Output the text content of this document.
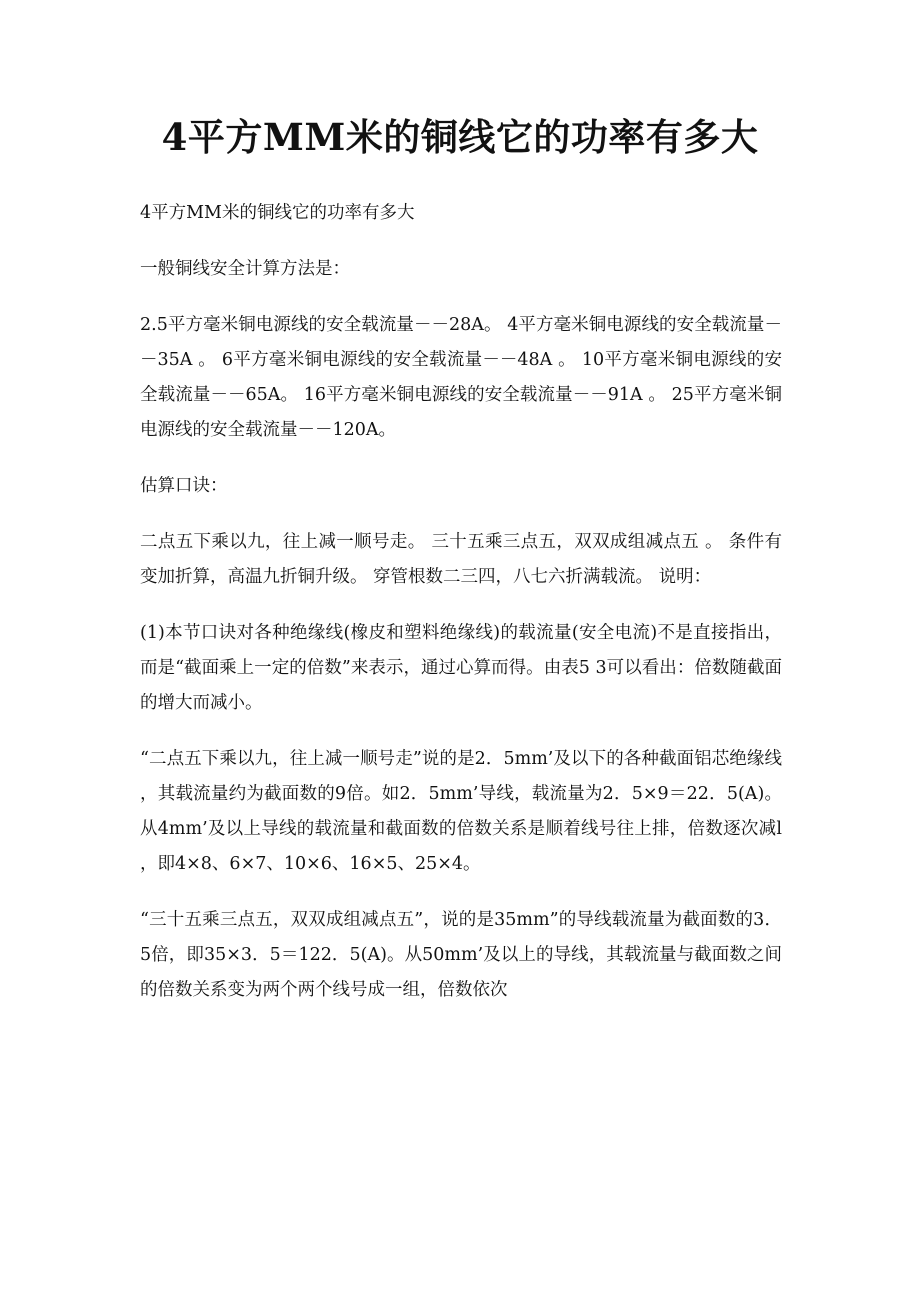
4平方MM米的铜线它的功率有多大

4平方MM米的铜线它的功率有多大

一般铜线安全计算方法是：

2.5平方毫米铜电源线的安全载流量－－28A。 4平方毫米铜电源线的安全载流量－－35A 。 6平方毫米铜电源线的安全载流量－－48A 。 10平方毫米铜电源线的安全载流量－－65A。 16平方毫米铜电源线的安全载流量－－91A 。 25平方毫米铜电源线的安全载流量－－120A。

估算口诀：

二点五下乘以九，往上减一顺号走。 三十五乘三点五，双双成组减点五 。 条件有变加折算，高温九折铜升级。 穿管根数二三四，八七六折满载流。 说明：

(1)本节口诀对各种绝缘线(橡皮和塑料绝缘线)的载流量(安全电流)不是直接指出，而是“截面乘上一定的倍数”来表示，通过心算而得。由表5 3可以看出：倍数随截面的增大而减小。

“二点五下乘以九，往上减一顺号走”说的是2．5mm’及以下的各种截面铝芯绝缘线，其载流量约为截面数的9倍。如2．5mm’导线，载流量为2．5×9＝22．5(A)。从4mm’及以上导线的载流量和截面数的倍数关系是顺着线号往上排，倍数逐次减l，即4×8、6×7、10×6、16×5、25×4。

“三十五乘三点五，双双成组减点五”，说的是35mm”的导线载流量为截面数的3．5倍，即35×3．5＝122．5(A)。从50mm’及以上的导线，其载流量与截面数之间的倍数关系变为两个两个线号成一组，倍数依次
